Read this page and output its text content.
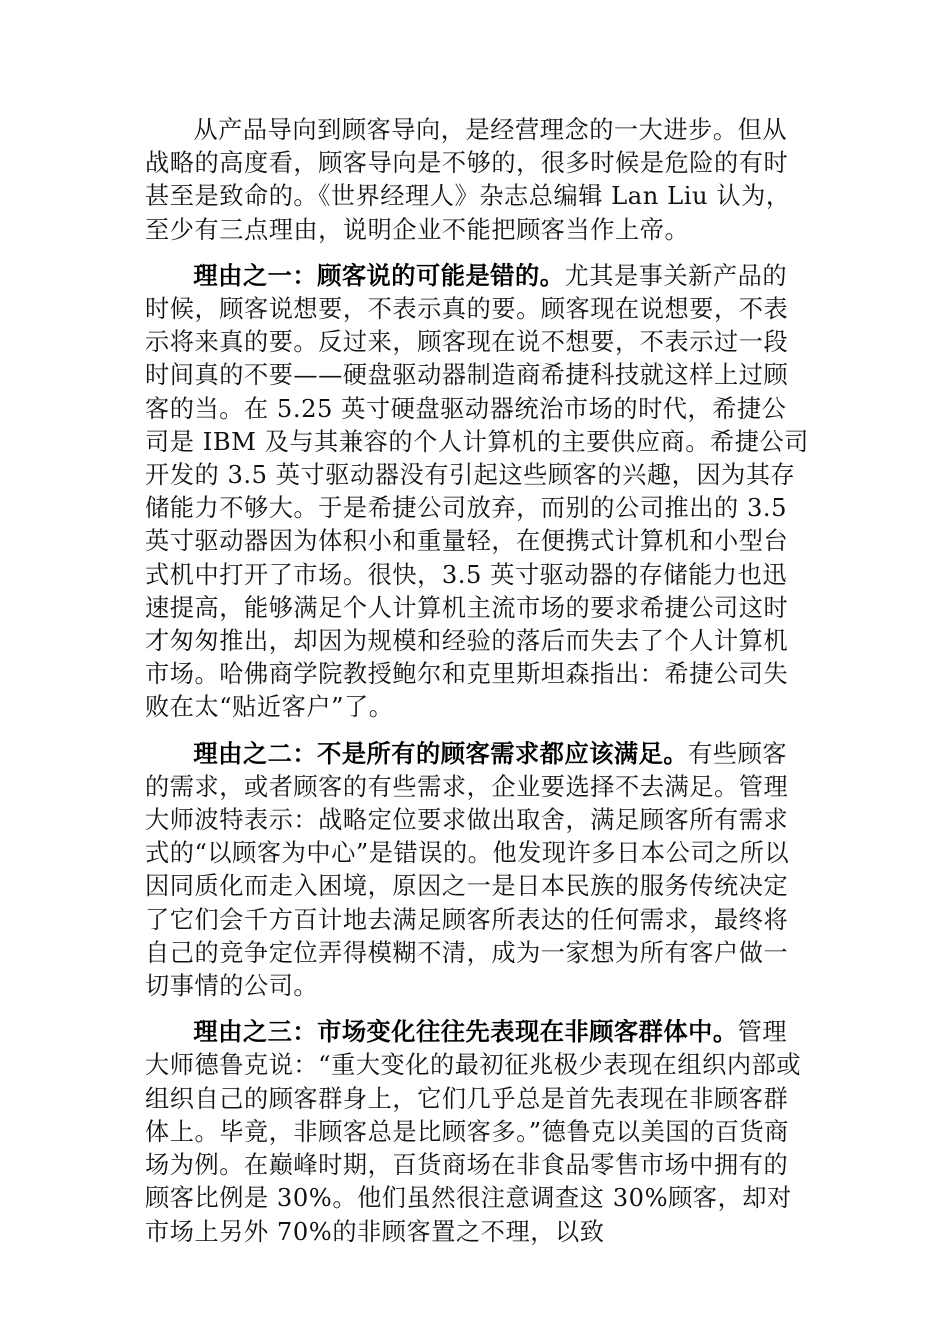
从产品导向到顾客导向，是经营理念的一大进步。但从战略的高度看，顾客导向是不够的，很多时候是危险的有时甚至是致命的。《世界经理人》杂志总编辑 Lan Liu 认为，至少有三点理由，说明企业不能把顾客当作上帝。

理由之一：顾客说的可能是错的。尤其是事关新产品的时候，顾客说想要，不表示真的要。顾客现在说想要，不表示将来真的要。反过来，顾客现在说不想要，不表示过一段时间真的不要——硬盘驱动器制造商希捷科技就这样上过顾客的当。在 5.25 英寸硬盘驱动器统治市场的时代，希捷公司是 IBM 及与其兼容的个人计算机的主要供应商。希捷公司开发的 3.5 英寸驱动器没有引起这些顾客的兴趣，因为其存储能力不够大。于是希捷公司放弃，而别的公司推出的 3.5 英寸驱动器因为体积小和重量轻，在便携式计算机和小型台式机中打开了市场。很快，3.5 英寸驱动器的存储能力也迅速提高，能够满足个人计算机主流市场的要求希捷公司这时才匆匆推出，却因为规模和经验的落后而失去了个人计算机市场。哈佛商学院教授鲍尔和克里斯坦森指出：希捷公司失败在太“贴近客户”了。

理由之二：不是所有的顾客需求都应该满足。有些顾客的需求，或者顾客的有些需求，企业要选择不去满足。管理大师波特表示：战略定位要求做出取舍，满足顾客所有需求式的“以顾客为中心”是错误的。他发现许多日本公司之所以因同质化而走入困境，原因之一是日本民族的服务传统决定了它们会千方百计地去满足顾客所表达的任何需求，最终将自己的竞争定位弄得模糊不清，成为一家想为所有客户做一切事情的公司。

理由之三：市场变化往往先表现在非顾客群体中。管理大师德鲁克说：“重大变化的最初征兆极少表现在组织内部或组织自己的顾客群身上，它们几乎总是首先表现在非顾客群体上。毕竟，非顾客总是比顾客多。”德鲁克以美国的百货商场为例。在巅峰时期，百货商场在非食品零售市场中拥有的顾客比例是 30%。他们虽然很注意调查这 30%顾客，却对市场上另外 70%的非顾客置之不理，以致
